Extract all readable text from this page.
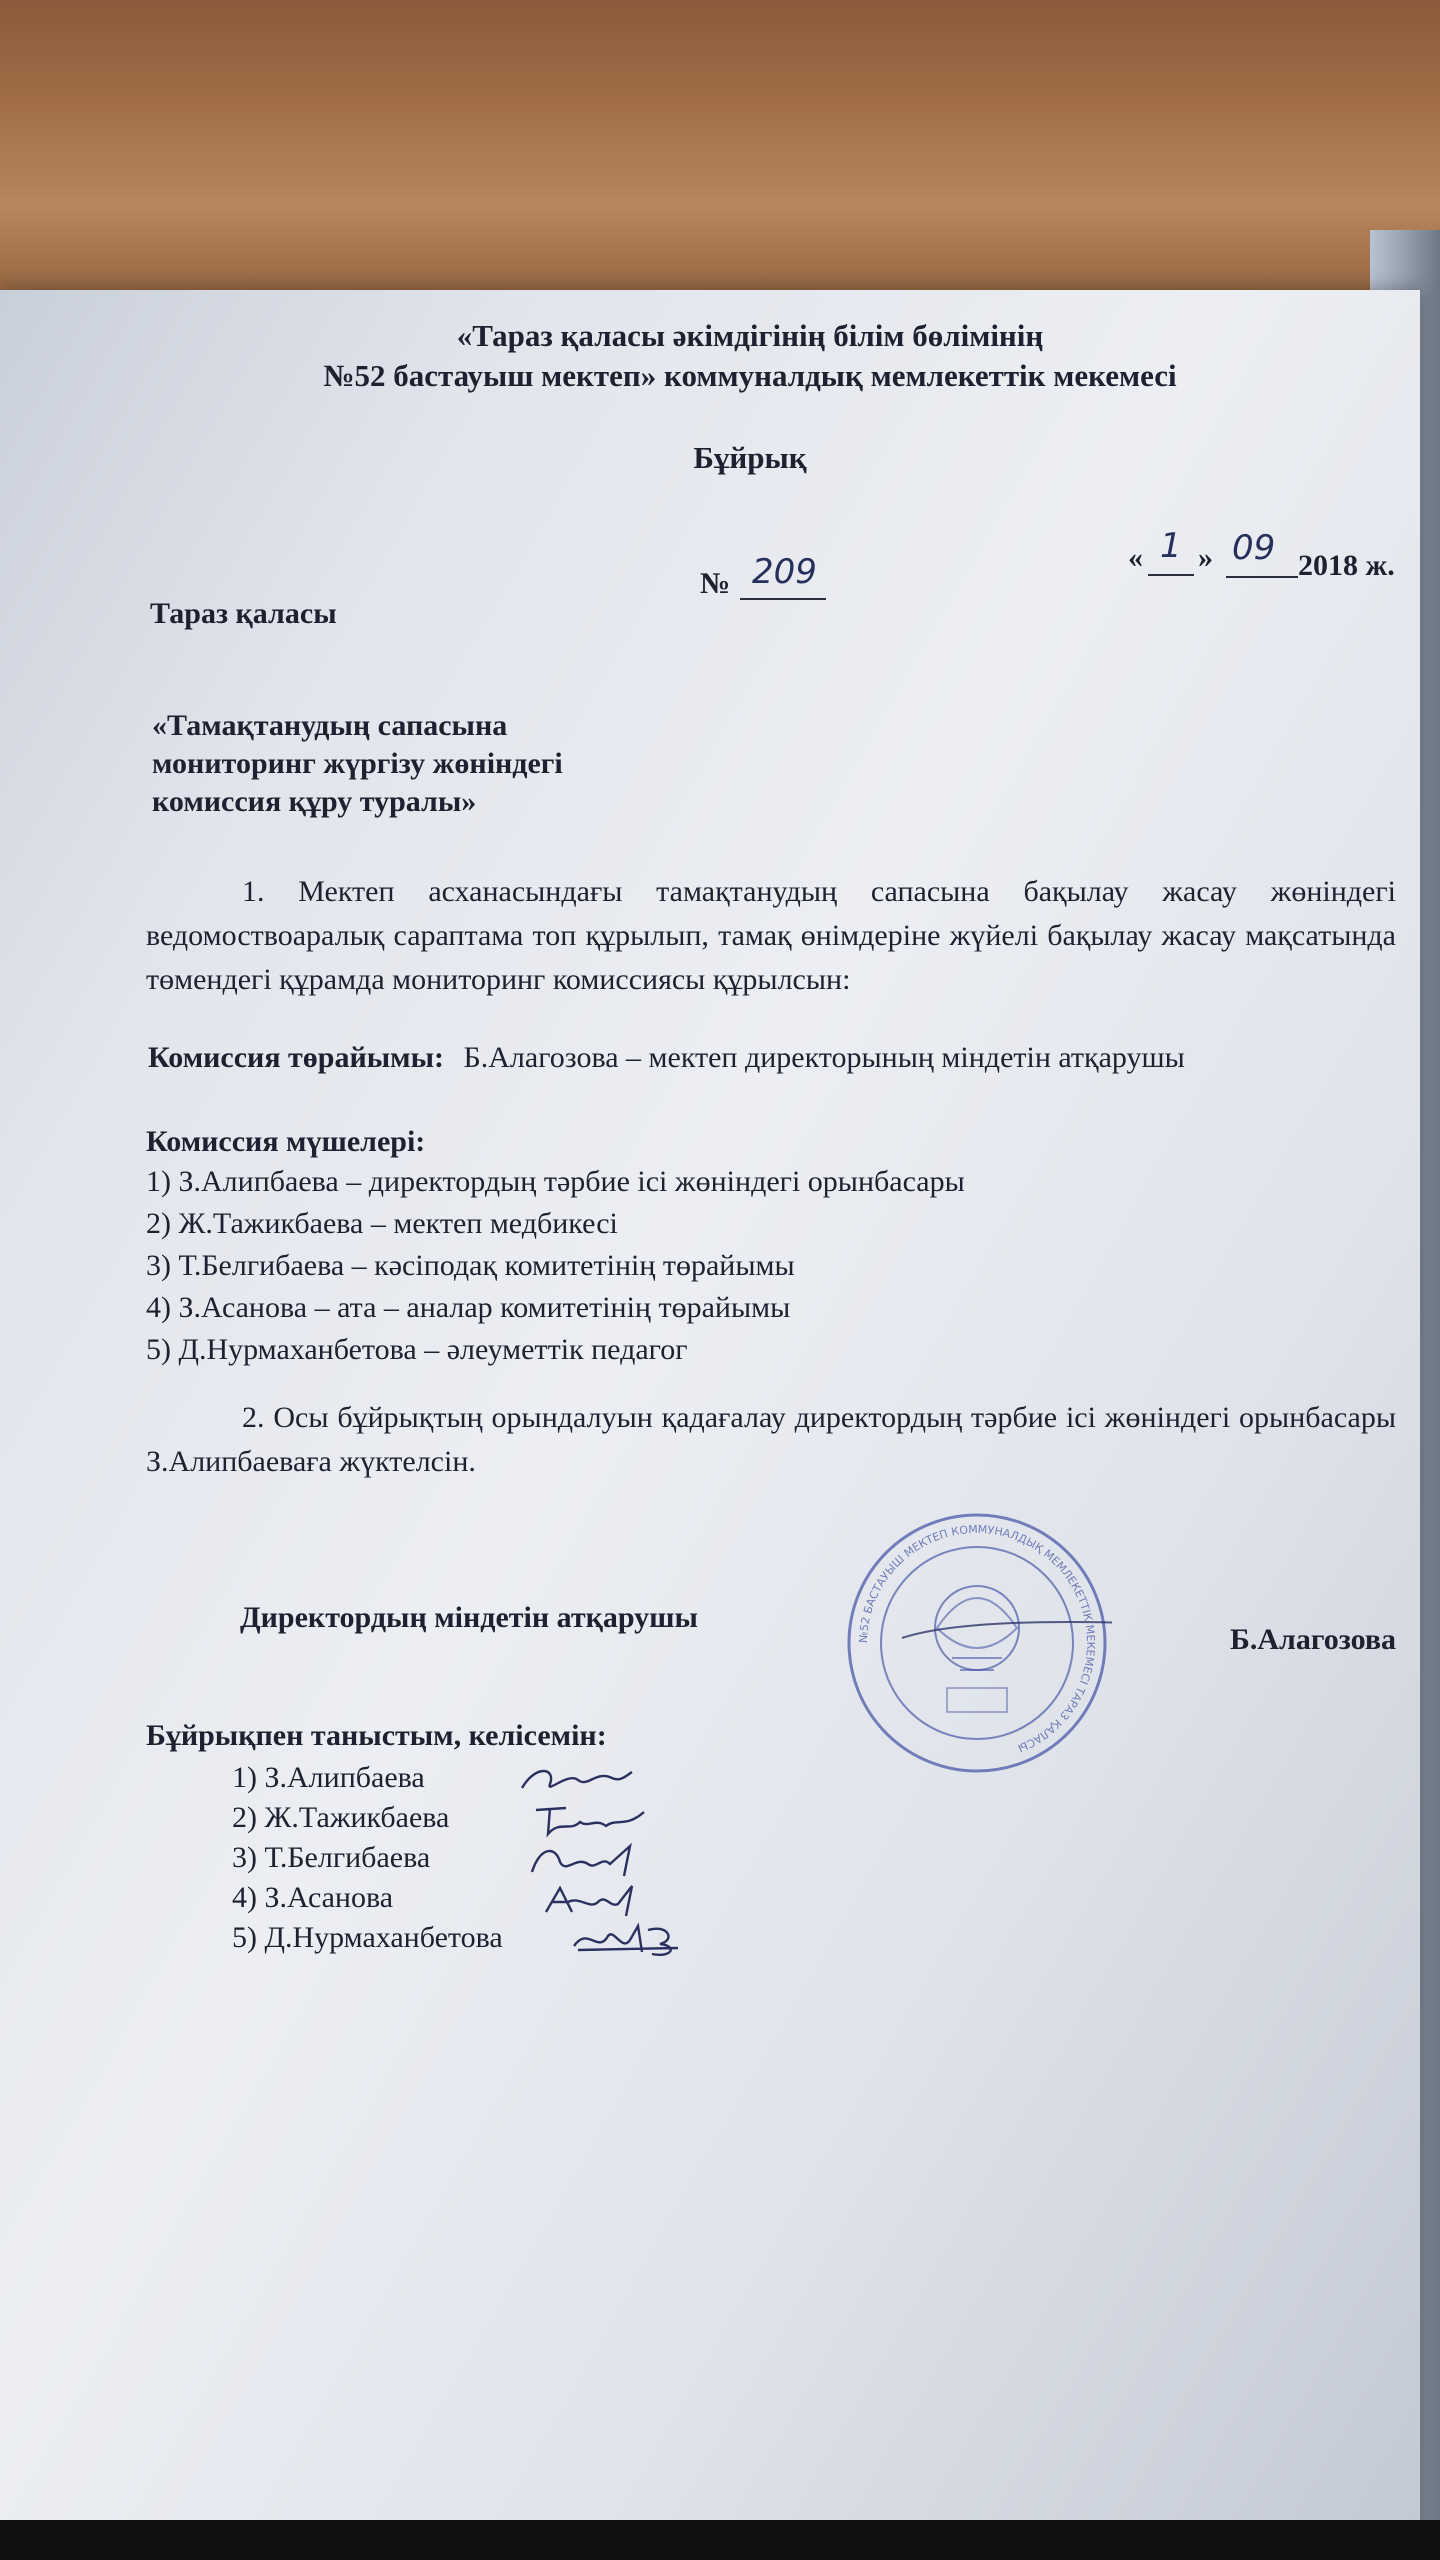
«Тараз қаласы әкімдігінің білім бөлімінің
№52 бастауыш мектеп» коммуналдық мемлекеттік мекемесі
Бұйрық
Тараз қаласы
№ 209	« 1 » 09 2018 ж.
«Тамақтанудың сапасына
мониторинг жүргізу жөніндегі
комиссия құру туралы»
1. Мектеп асханасындағы тамақтанудың сапасына бақылау жасау жөніндегі ведомоствоаралық сараптама топ құрылып, тамақ өнімдеріне жүйелі бақылау жасау мақсатында төмендегі құрамда мониторинг комиссиясы құрылсын:
Комиссия төрайымы: Б.Алагозова – мектеп директорының міндетін атқарушы
Комиссия мүшелері:
1) З.Алипбаева – директордың тәрбие ісі жөніндегі орынбасары
2) Ж.Тажикбаева – мектеп медбикесі
3) Т.Белгибаева – кәсіподақ комитетінің төрайымы
4) З.Асанова – ата – аналар комитетінің төрайымы
5) Д.Нурмаханбетова – әлеуметтік педагог
2. Осы бұйрықтың орындалуын қадағалау директордың тәрбие ісі жөніндегі орынбасары З.Алипбаеваға жүктелсін.
Директордың міндетін атқарушы
Б.Алагозова
№52 БАСТАУЫШ МЕКТЕП КОММУНАЛДЫҚ МЕМЛЕКЕТТІК МЕКЕМЕСІ ТАРАЗ ҚАЛАСЫ
Бұйрықпен таныстым, келісемін:
1) З.Алипбаева
2) Ж.Тажикбаева
3) Т.Белгибаева
4) З.Асанова
5) Д.Нурмаханбетова
